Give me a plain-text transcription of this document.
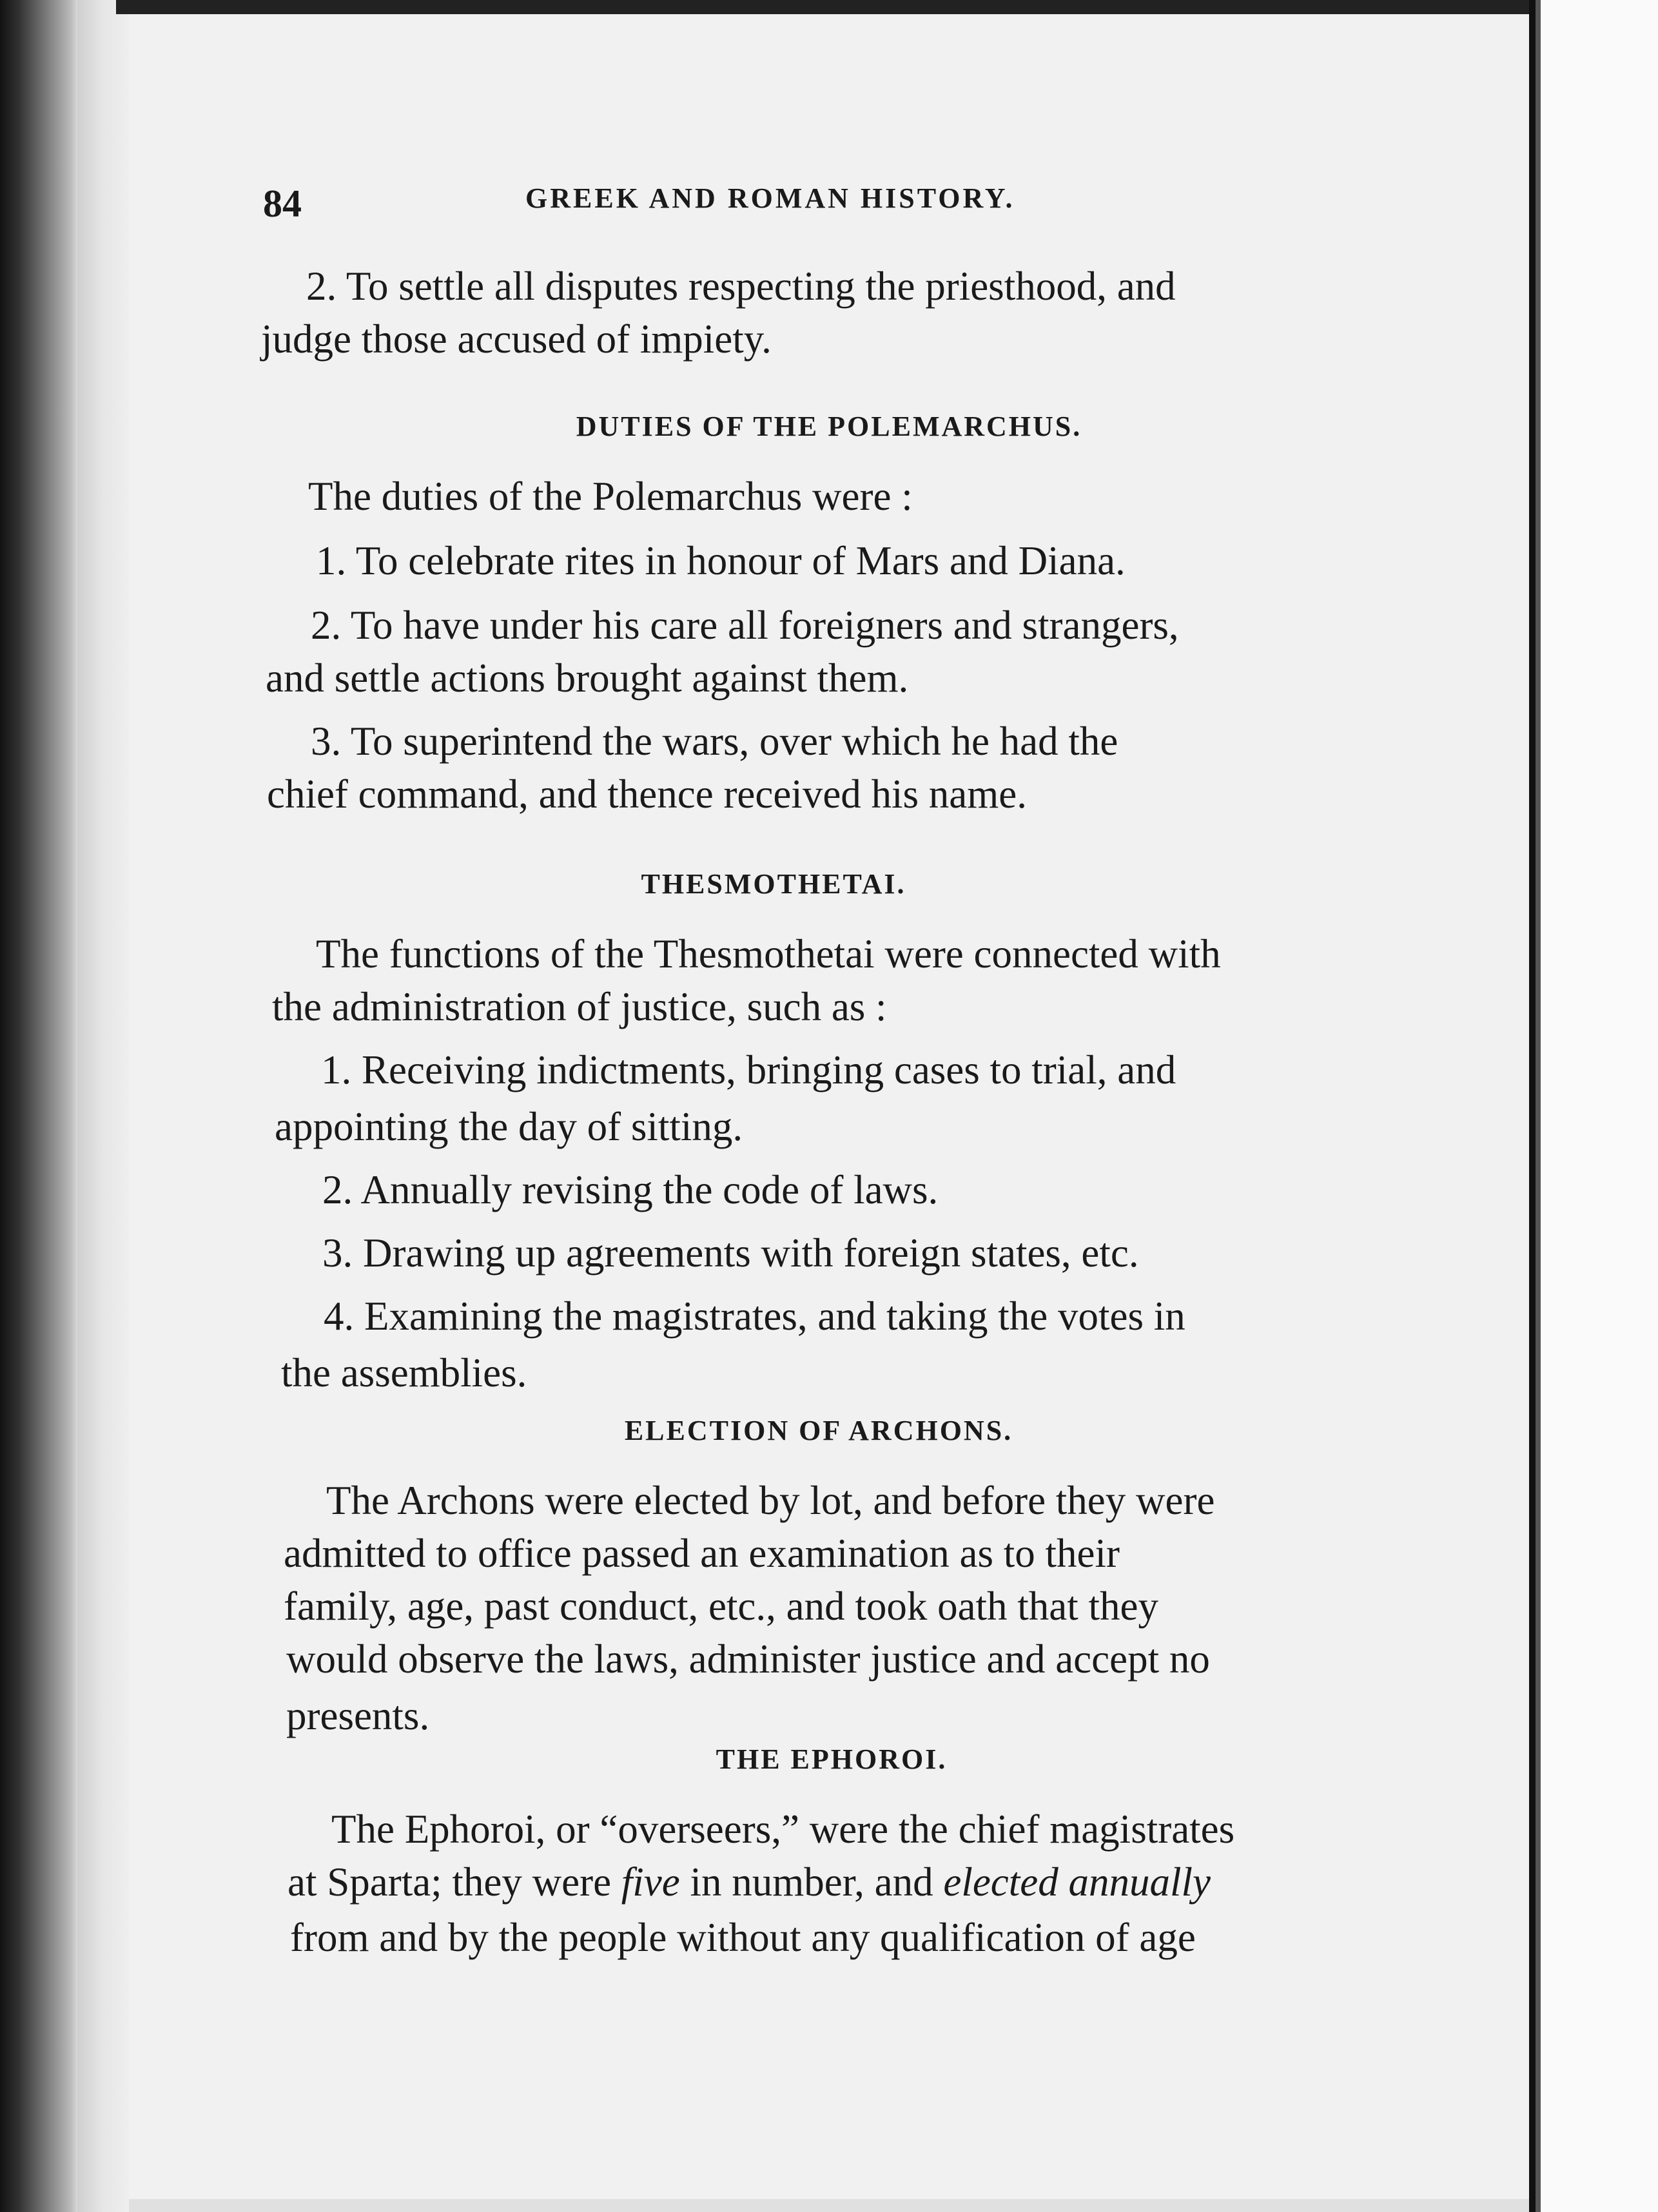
84	GREEK AND ROMAN HISTORY.
2. To settle all disputes respecting the priesthood, and
judge those accused of impiety.
DUTIES OF THE POLEMARCHUS.
The duties of the Polemarchus were :
1. To celebrate rites in honour of Mars and Diana.
2. To have under his care all foreigners and strangers,
and settle actions brought against them.
3. To superintend the wars, over which he had the
chief command, and thence received his name.
THESMOTHETAI.
The functions of the Thesmothetai were connected with
the administration of justice, such as :
1. Receiving indictments, bringing cases to trial, and
appointing the day of sitting.
2. Annually revising the code of laws.
3. Drawing up agreements with foreign states, etc.
4. Examining the magistrates, and taking the votes in
the assemblies.
ELECTION OF ARCHONS.
The Archons were elected by lot, and before they were
admitted to office passed an examination as to their
family, age, past conduct, etc., and took oath that they
would observe the laws, administer justice and accept no
presents.
THE EPHOROI.
The Ephoroi, or “overseers,” were the chief magistrates
at Sparta; they were five in number, and elected annually
from and by the people without any qualification of age
